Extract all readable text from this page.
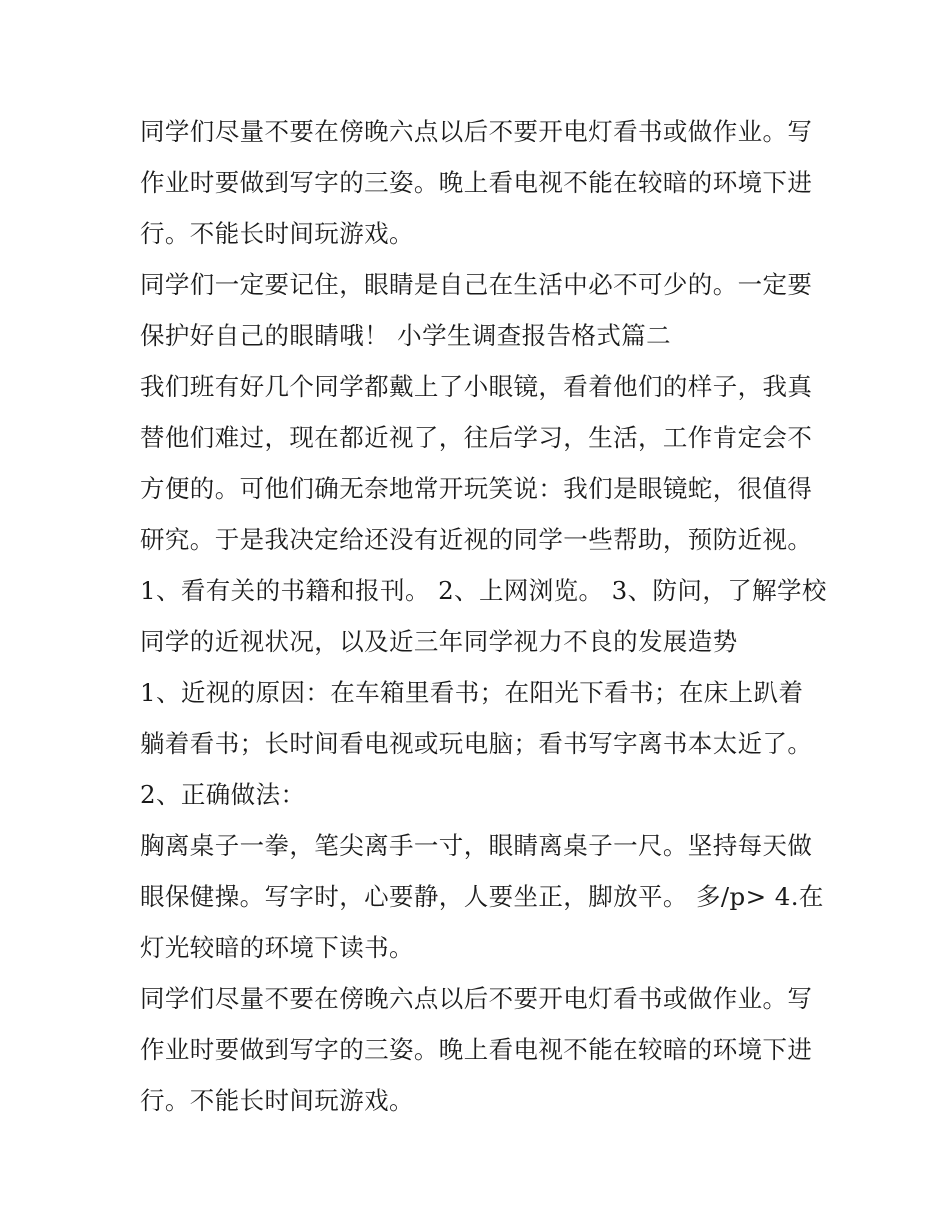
同学们尽量不要在傍晚六点以后不要开电灯看书或做作业。写
作业时要做到写字的三姿。晚上看电视不能在较暗的环境下进
行。不能长时间玩游戏。
同学们一定要记住，眼睛是自己在生活中必不可少的。一定要
保护好自己的眼睛哦！ 小学生调查报告格式篇二
我们班有好几个同学都戴上了小眼镜，看着他们的样子，我真
替他们难过，现在都近视了，往后学习，生活，工作肯定会不
方便的。可他们确无奈地常开玩笑说：我们是眼镜蛇，很值得
研究。于是我决定给还没有近视的同学一些帮助，预防近视。
1、看有关的书籍和报刊。 2、上网浏览。 3、防问，了解学校
同学的近视状况，以及近三年同学视力不良的发展造势
1、近视的原因：在车箱里看书；在阳光下看书；在床上趴着
躺着看书；长时间看电视或玩电脑；看书写字离书本太近了。
2、正确做法：
胸离桌子一拳，笔尖离手一寸，眼睛离桌子一尺。坚持每天做
眼保健操。写字时，心要静，人要坐正，脚放平。 多/p> 4.在
灯光较暗的环境下读书。
同学们尽量不要在傍晚六点以后不要开电灯看书或做作业。写
作业时要做到写字的三姿。晚上看电视不能在较暗的环境下进
行。不能长时间玩游戏。
